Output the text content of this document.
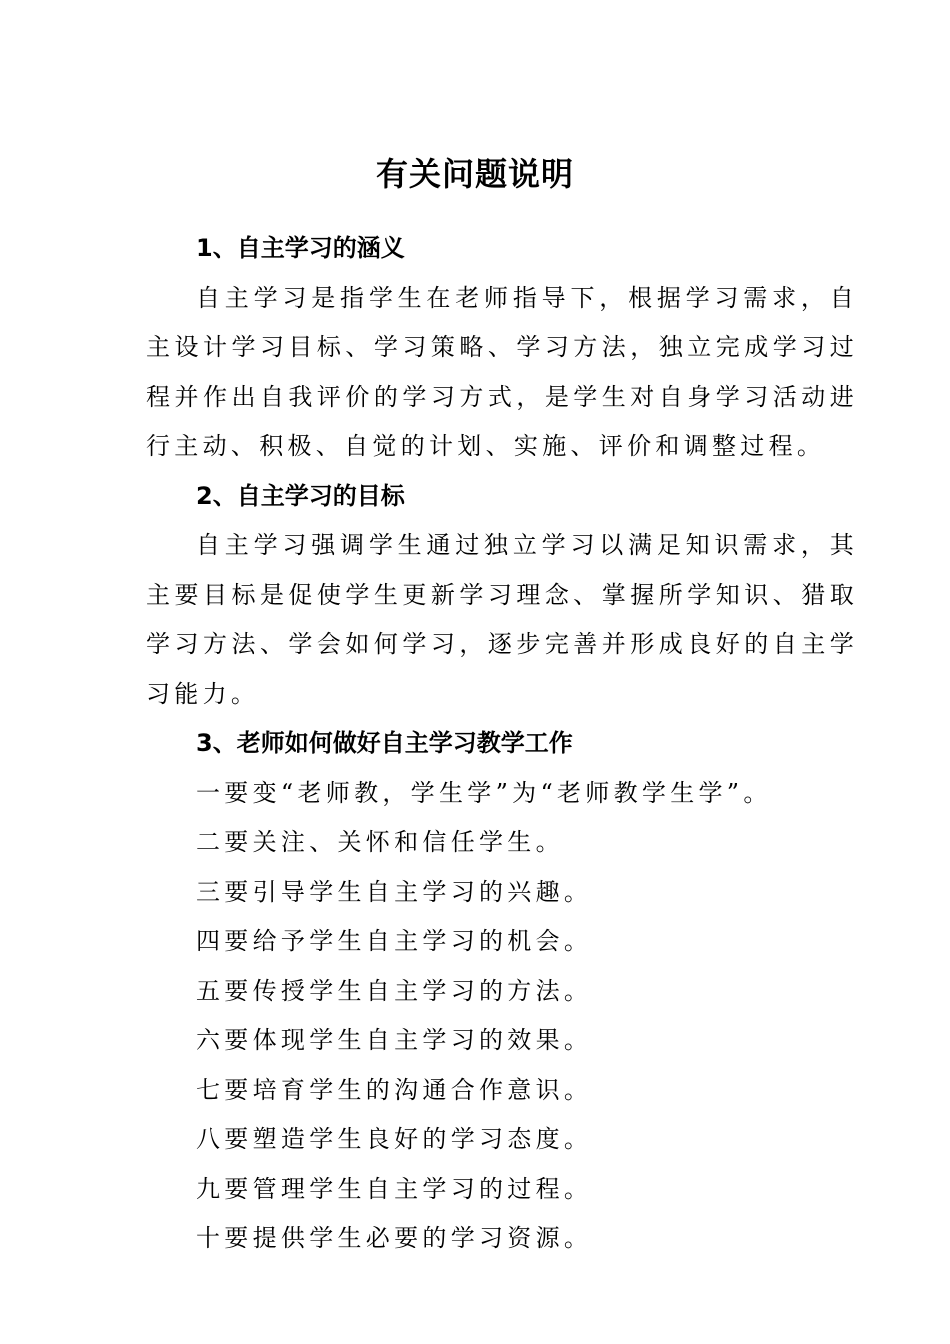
有关问题说明
1、自主学习的涵义
自主学习是指学生在老师指导下，根据学习需求，自主设计学习目标、学习策略、学习方法，独立完成学习过程并作出自我评价的学习方式，是学生对自身学习活动进行主动、积极、自觉的计划、实施、评价和调整过程。
2、自主学习的目标
自主学习强调学生通过独立学习以满足知识需求，其主要目标是促使学生更新学习理念、掌握所学知识、猎取学习方法、学会如何学习，逐步完善并形成良好的自主学习能力。
3、老师如何做好自主学习教学工作
一要变“老师教，学生学”为“老师教学生学”。
二要关注、关怀和信任学生。
三要引导学生自主学习的兴趣。
四要给予学生自主学习的机会。
五要传授学生自主学习的方法。
六要体现学生自主学习的效果。
七要培育学生的沟通合作意识。
八要塑造学生良好的学习态度。
九要管理学生自主学习的过程。
十要提供学生必要的学习资源。
